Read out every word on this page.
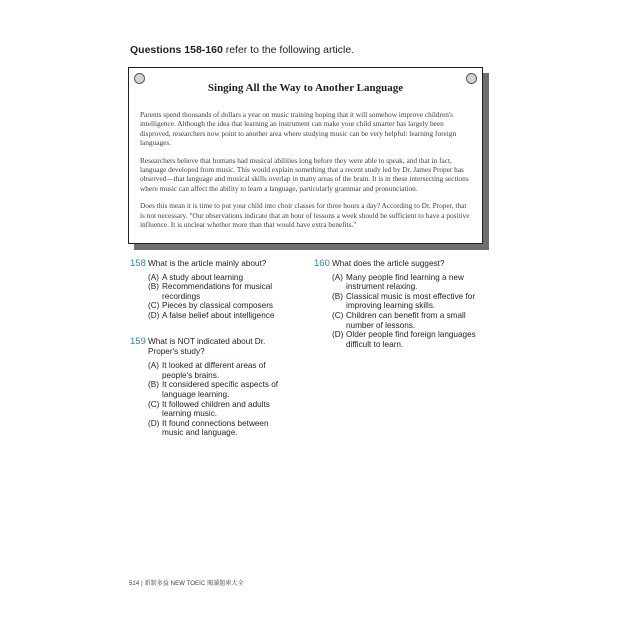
Questions 158-160 refer to the following article.
Singing All the Way to Another Language

Parents spend thousands of dollars a year on music training hoping that it will somehow improve children's intelligence. Although the idea that learning an instrument can make your child smarter has largely been disproved, researchers now point to another area where studying music can be very helpful: learning foreign languages.

Researchers believe that humans had musical abilities long before they were able to speak, and that in fact, language developed from music. This would explain something that a recent study led by Dr. James Proper has observed—that language and musical skills overlap in many areas of the brain. It is in these intersecting sections where music can affect the ability to learn a language, particularly grammar and pronunciation.

Does this mean it is time to put your child into choir classes for three hours a day? According to Dr. Proper, that is not necessary. "Our observations indicate that an hour of lessons a week should be sufficient to have a positive influence. It is unclear whether more than that would have extra benefits."

158 What is the article mainly about?
(A) A study about learning
(B) Recommendations for musical recordings
(C) Pieces by classical composers
(D) A false belief about intelligence
159 What is NOT indicated about Dr. Proper's study?
(A) It looked at different areas of people's brains.
(B) It considered specific aspects of language learning.
(C) It followed children and adults learning music.
(D) It found connections between music and language.
160 What does the article suggest?
(A) Many people find learning a new instrument relaxing.
(B) Classical music is most effective for improving learning skills.
(C) Children can benefit from a small number of lessons.
(D) Older people find foreign languages difficult to learn.
514 | 新制多益 NEW TOEIC 閱讀題庫大全
